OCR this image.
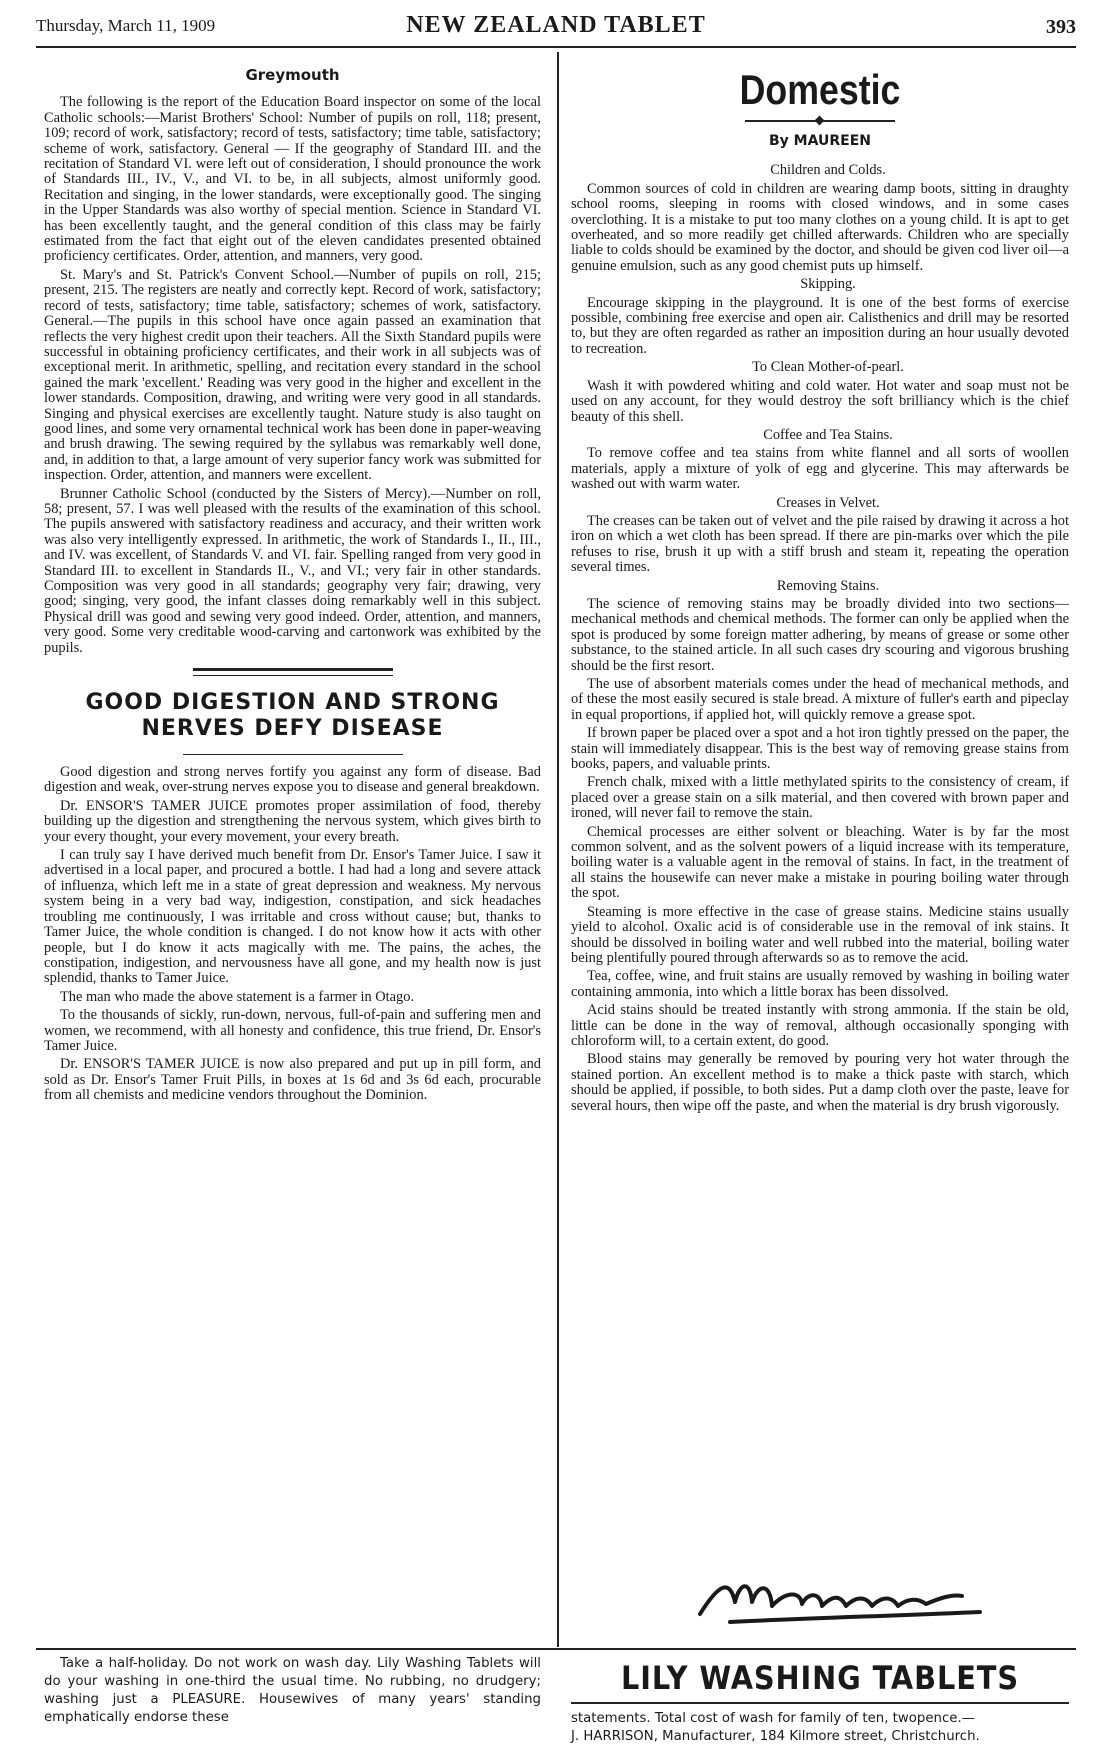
Thursday, March 11, 1909	NEW ZEALAND TABLET	393
Greymouth

The following is the report of the Education Board inspector on some of the local Catholic schools:—Marist Brothers' School: Number of pupils on roll, 118; present, 109; record of work, satisfactory; record of tests, satisfactory; time table, satisfactory; scheme of work, satisfactory. General — If the geography of Standard III. and the recitation of Standard VI. were left out of consideration, I should pronounce the work of Standards III., IV., V., and VI. to be, in all subjects, almost uniformly good. Recitation and singing, in the lower standards, were exceptionally good. The singing in the Upper Standards was also worthy of special mention. Science in Standard VI. has been excellently taught, and the general condition of this class may be fairly estimated from the fact that eight out of the eleven candidates presented obtained proficiency certificates. Order, attention, and manners, very good.

St. Mary's and St. Patrick's Convent School.—Number of pupils on roll, 215; present, 215. The registers are neatly and correctly kept. Record of work, satisfactory; record of tests, satisfactory; time table, satisfactory; schemes of work, satisfactory. General.—The pupils in this school have once again passed an examination that reflects the very highest credit upon their teachers. All the Sixth Standard pupils were successful in obtaining proficiency certificates, and their work in all subjects was of exceptional merit. In arithmetic, spelling, and recitation every standard in the school gained the mark 'excellent.' Reading was very good in the higher and excellent in the lower standards. Composition, drawing, and writing were very good in all standards. Singing and physical exercises are excellently taught. Nature study is also taught on good lines, and some very ornamental technical work has been done in paper-weaving and brush drawing. The sewing required by the syllabus was remarkably well done, and, in addition to that, a large amount of very superior fancy work was submitted for inspection. Order, attention, and manners were excellent.

Brunner Catholic School (conducted by the Sisters of Mercy).—Number on roll, 58; present, 57. I was well pleased with the results of the examination of this school. The pupils answered with satisfactory readiness and accuracy, and their written work was also very intelligently expressed. In arithmetic, the work of Standards I., II., III., and IV. was excellent, of Standards V. and VI. fair. Spelling ranged from very good in Standard III. to excellent in Standards II., V., and VI.; very fair in other standards. Composition was very good in all standards; geography very fair; drawing, very good; singing, very good, the infant classes doing remarkably well in this subject. Physical drill was good and sewing very good indeed. Order, attention, and manners, very good. Some very creditable wood-carving and cartonwork was exhibited by the pupils.

GOOD DIGESTION AND STRONG NERVES DEFY DISEASE

Good digestion and strong nerves fortify you against any form of disease. Bad digestion and weak, over-strung nerves expose you to disease and general breakdown.

Dr. ENSOR'S TAMER JUICE promotes proper assimilation of food, thereby building up the digestion and strengthening the nervous system, which gives birth to your every thought, your every movement, your every breath.

I can truly say I have derived much benefit from Dr. Ensor's Tamer Juice. I saw it advertised in a local paper, and procured a bottle. I had had a long and severe attack of influenza, which left me in a state of great depression and weakness. My nervous system being in a very bad way, indigestion, constipation, and sick headaches troubling me continuously, I was irritable and cross without cause; but, thanks to Tamer Juice, the whole condition is changed. I do not know how it acts with other people, but I do know it acts magically with me. The pains, the aches, the constipation, indigestion, and nervousness have all gone, and my health now is just splendid, thanks to Tamer Juice.

The man who made the above statement is a farmer in Otago.

To the thousands of sickly, run-down, nervous, full-of-pain and suffering men and women, we recommend, with all honesty and confidence, this true friend, Dr. Ensor's Tamer Juice.

Dr. ENSOR'S TAMER JUICE is now also prepared and put up in pill form, and sold as Dr. Ensor's Tamer Fruit Pills, in boxes at 1s 6d and 3s 6d each, procurable from all chemists and medicine vendors throughout the Dominion.

Domestic
By MAUREEN

Children and Colds.

Common sources of cold in children are wearing damp boots, sitting in draughty school rooms, sleeping in rooms with closed windows, and in some cases overclothing. It is a mistake to put too many clothes on a young child. It is apt to get overheated, and so more readily get chilled afterwards. Children who are specially liable to colds should be examined by the doctor, and should be given cod liver oil—a genuine emulsion, such as any good chemist puts up himself.

Skipping.

Encourage skipping in the playground. It is one of the best forms of exercise possible, combining free exercise and open air. Calisthenics and drill may be resorted to, but they are often regarded as rather an imposition during an hour usually devoted to recreation.

To Clean Mother-of-pearl.

Wash it with powdered whiting and cold water. Hot water and soap must not be used on any account, for they would destroy the soft brilliancy which is the chief beauty of this shell.

Coffee and Tea Stains.

To remove coffee and tea stains from white flannel and all sorts of woollen materials, apply a mixture of yolk of egg and glycerine. This may afterwards be washed out with warm water.

Creases in Velvet.

The creases can be taken out of velvet and the pile raised by drawing it across a hot iron on which a wet cloth has been spread. If there are pin-marks over which the pile refuses to rise, brush it up with a stiff brush and steam it, repeating the operation several times.

Removing Stains.

The science of removing stains may be broadly divided into two sections—mechanical methods and chemical methods. The former can only be applied when the spot is produced by some foreign matter adhering, by means of grease or some other substance, to the stained article. In all such cases dry scouring and vigorous brushing should be the first resort.

The use of absorbent materials comes under the head of mechanical methods, and of these the most easily secured is stale bread. A mixture of fuller's earth and pipeclay in equal proportions, if applied hot, will quickly remove a grease spot.

If brown paper be placed over a spot and a hot iron tightly pressed on the paper, the stain will immediately disappear. This is the best way of removing grease stains from books, papers, and valuable prints.

French chalk, mixed with a little methylated spirits to the consistency of cream, if placed over a grease stain on a silk material, and then covered with brown paper and ironed, will never fail to remove the stain.

Chemical processes are either solvent or bleaching. Water is by far the most common solvent, and as the solvent powers of a liquid increase with its temperature, boiling water is a valuable agent in the removal of stains. In fact, in the treatment of all stains the housewife can never make a mistake in pouring boiling water through the spot.

Steaming is more effective in the case of grease stains. Medicine stains usually yield to alcohol. Oxalic acid is of considerable use in the removal of ink stains. It should be dissolved in boiling water and well rubbed into the material, boiling water being plentifully poured through afterwards so as to remove the acid.

Tea, coffee, wine, and fruit stains are usually removed by washing in boiling water containing ammonia, into which a little borax has been dissolved.

Acid stains should be treated instantly with strong ammonia. If the stain be old, little can be done in the way of removal, although occasionally sponging with chloroform will, to a certain extent, do good.

Blood stains may generally be removed by pouring very hot water through the stained portion. An excellent method is to make a thick paste with starch, which should be applied, if possible, to both sides. Put a damp cloth over the paste, leave for several hours, then wipe off the paste, and when the material is dry brush vigorously.

Take a half-holiday. Do not work on wash day. Lily Washing Tablets will do your washing in one-third the usual time. No rubbing, no drudgery; washing just a PLEASURE. Housewives of many years' standing emphatically endorse these

LILY WASHING TABLETS
statements. Total cost of wash for family of ten, twopence.—
J. HARRISON, Manufacturer, 184 Kilmore street, Christchurch.
